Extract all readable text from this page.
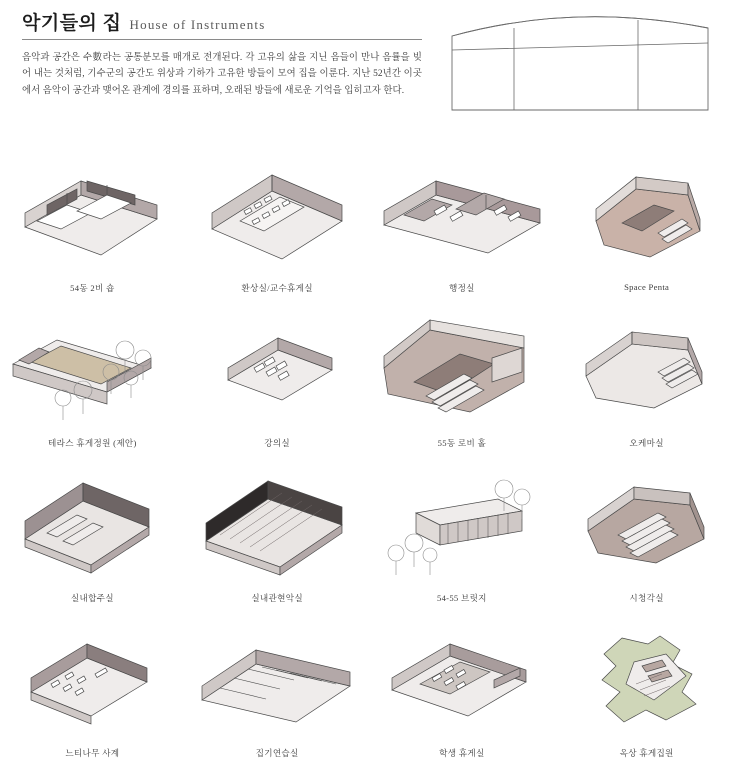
악기들의 집 House of Instruments
음악과 공간은 수數라는 공통분모를 매개로 전개된다. 각 고유의 삶을 지닌 음들이 만나 음률을 빚어 내는 것처럼, 기수군의 공간도 위상과 기하가 고유한 방들이 모여 집을 이룬다. 지난 52년간 이곳에서 음악이 공간과 맺어온 관계에 경의를 표하며, 오래된 방들에 새로운 기억을 입히고자 한다.
54동 2비 숍	환상실/교수휴게실	행정실	Space Penta
테라스 휴게정원 (제안)	강의실	55동 로비 홀	오케마실
실내합주실	실내관현악실	54-55 브릿지	시청각실
느티나무 사계	집기연습실	학생 휴게실	옥상 휴게집원
